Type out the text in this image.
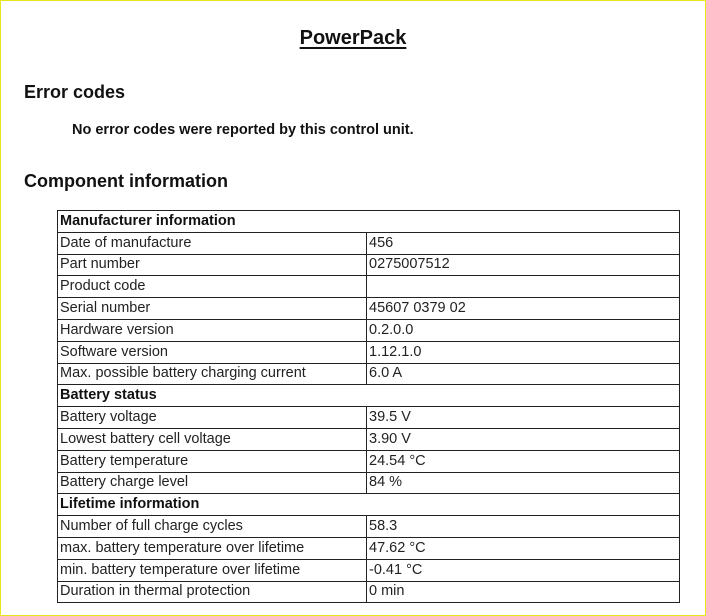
PowerPack
Error codes
No error codes were reported by this control unit.
Component information
Manufacturer information	
Date of manufacture	456
Part number	0275007512
Product code	
Serial number	45607 0379 02
Hardware version	0.2.0.0
Software version	1.12.1.0
Max. possible battery charging current	6.0 A
Battery status	
Battery voltage	39.5 V
Lowest battery cell voltage	3.90 V
Battery temperature	24.54 °C
Battery charge level	84 %
Lifetime information	
Number of full charge cycles	58.3
max. battery temperature over lifetime	47.62 °C
min. battery temperature over lifetime	-0.41 °C
Duration in thermal protection	0 min
